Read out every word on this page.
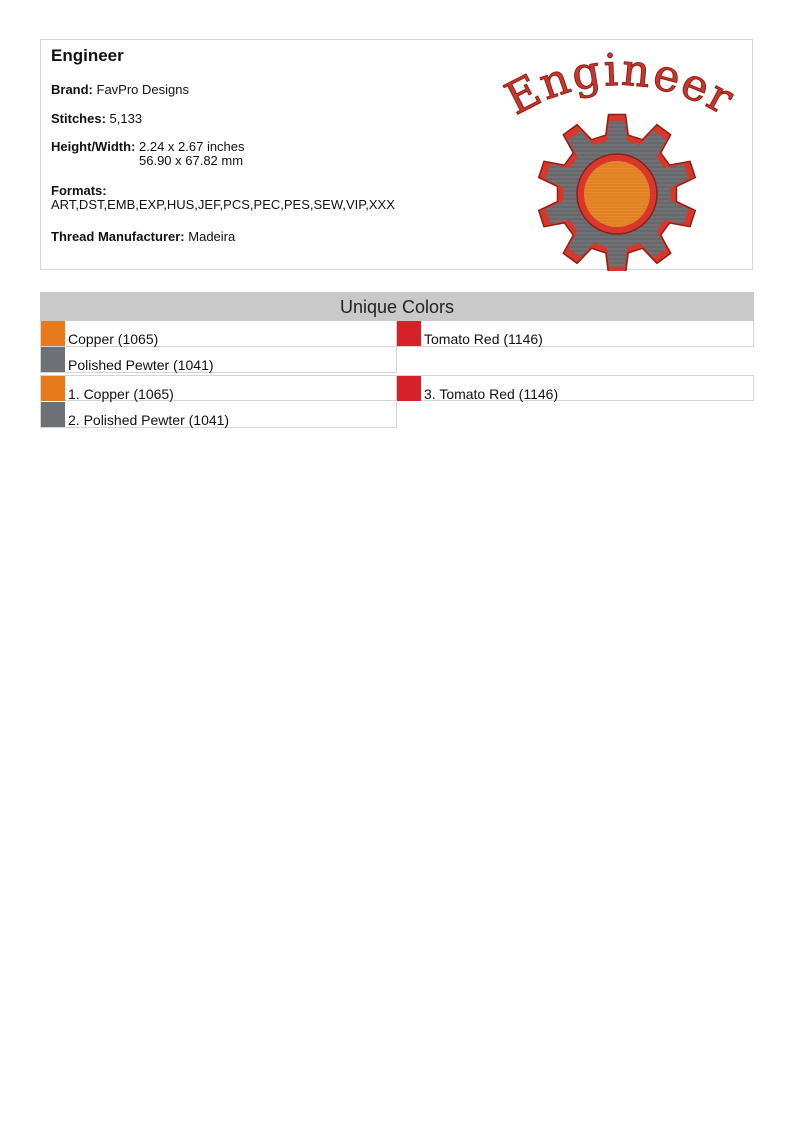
Engineer
Brand: FavPro Designs
Stitches: 5,133
Height/Width: 2.24 x 2.67 inches
56.90 x 67.82 mm
Formats:
ART,DST,EMB,EXP,HUS,JEF,PCS,PEC,PES,SEW,VIP,XXX
Thread Manufacturer: Madeira
Engineer
Unique Colors
Copper (1065)	Tomato Red (1146)
Polished Pewter (1041)
1. Copper (1065)	3. Tomato Red (1146)
2. Polished Pewter (1041)
